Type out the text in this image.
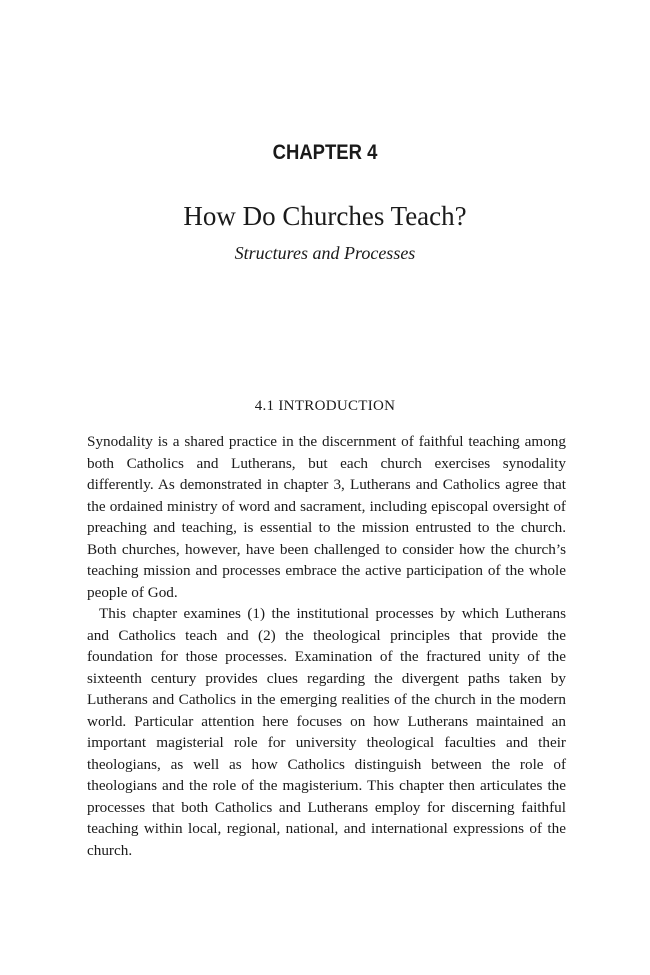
CHAPTER 4
How Do Churches Teach?
Structures and Processes
4.1 INTRODUCTION

Synodality is a shared practice in the discernment of faithful teaching among both Catholics and Lutherans, but each church exercises synodality differently. As demonstrated in chapter 3, Lutherans and Catholics agree that the ordained ministry of word and sacrament, including episcopal oversight of preaching and teaching, is essential to the mission entrusted to the church. Both churches, however, have been challenged to consider how the church’s teaching mission and processes embrace the active participation of the whole people of God.

This chapter examines (1) the institutional processes by which Lutherans and Catholics teach and (2) the theological principles that provide the foundation for those processes. Examination of the fractured unity of the sixteenth century provides clues regarding the divergent paths taken by Lutherans and Catholics in the emerging realities of the church in the modern world. Particular attention here focuses on how Lutherans maintained an important magisterial role for university theological faculties and their theologians, as well as how Catholics distinguish between the role of theologians and the role of the magisterium. This chapter then articulates the processes that both Catholics and Lutherans employ for discerning faithful teaching within local, regional, national, and international expressions of the church.
